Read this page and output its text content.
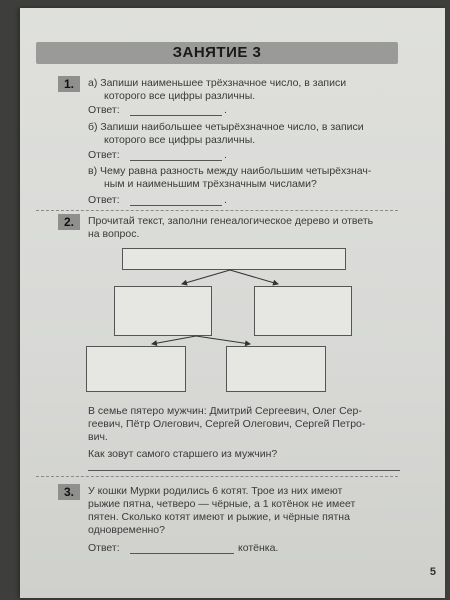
ЗАНЯТИЕ 3
1.	а) Запиши наименьшее трёхзначное число, в записи
которого все цифры различны.
Ответ:	.
б) Запиши наибольшее четырёхзначное число, в записи
которого все цифры различны.
Ответ:	.
в) Чему равна разность между наибольшим четырёхзнач-
ным и наименьшим трёхзначным числами?
Ответ:	.
2.	Прочитай текст, заполни генеалогическое дерево и ответь
на вопрос.
В семье пятеро мужчин: Дмитрий Сергеевич, Олег Сер-
геевич, Пётр Олегович, Сергей Олегович, Сергей Петро-
вич.
Как зовут самого старшего из мужчин?
3.	У кошки Мурки родились 6 котят. Трое из них имеют
рыжие пятна, четверо — чёрные, а 1 котёнок не имеет
пятен. Сколько котят имеют и рыжие, и чёрные пятна
одновременно?
Ответ:	котёнка.
5
